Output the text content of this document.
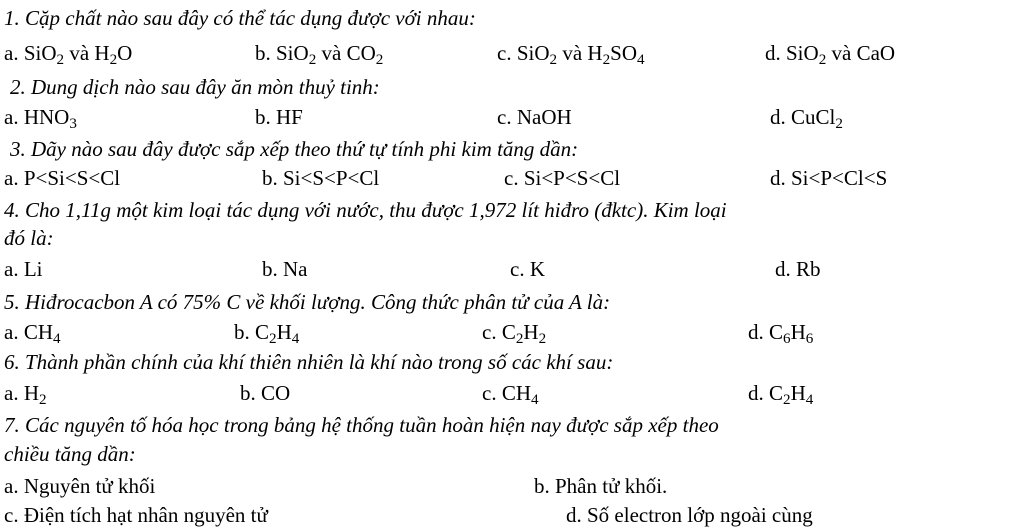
1. Cặp chất nào sau đây có thể tác dụng được với nhau:
a. SiO$_2$ và $H_2O$	b. SiO$_2$ và $CO_2$	c. SiO$_2$ và $H_2SO_4$	d. SiO$_2$ và CaO
2. Dung dịch nào sau đây ăn mòn thuỷ tinh:
a. $HNO_3$	b. HF	c. NaOH	d. CuCl$_2$
3. Dãy nào sau đây được sắp xếp theo thứ tự tính phi kim tăng dần:
a. P<Si<S<Cl	b. Si<S<P<Cl	c. Si<P<S<Cl	d. Si<P<Cl<S
4. Cho 1,11g một kim loại tác dụng với nước, thu được 1,972 lít hiđro (đktc). Kim loại
đó là:
a. Li	b. Na	c. K	d. Rb
5. Hiđrocacbon A có 75% C về khối lượng. Công thức phân tử của A là:
a. $CH_4$	b. $C_2H_4$	c. $C_2H_2$	d. $C_6H_6$
6. Thành phần chính của khí thiên nhiên là khí nào trong số các khí sau:
a. $H_2$	b. CO	c. $CH_4$	d. $C_2H_4$
7. Các nguyên tố hóa học trong bảng hệ thống tuần hoàn hiện nay được sắp xếp theo
chiều tăng dần:
a. Nguyên tử khối	b. Phân tử khối.
c. Điện tích hạt nhân nguyên tử	d. Số electron lớp ngoài cùng
